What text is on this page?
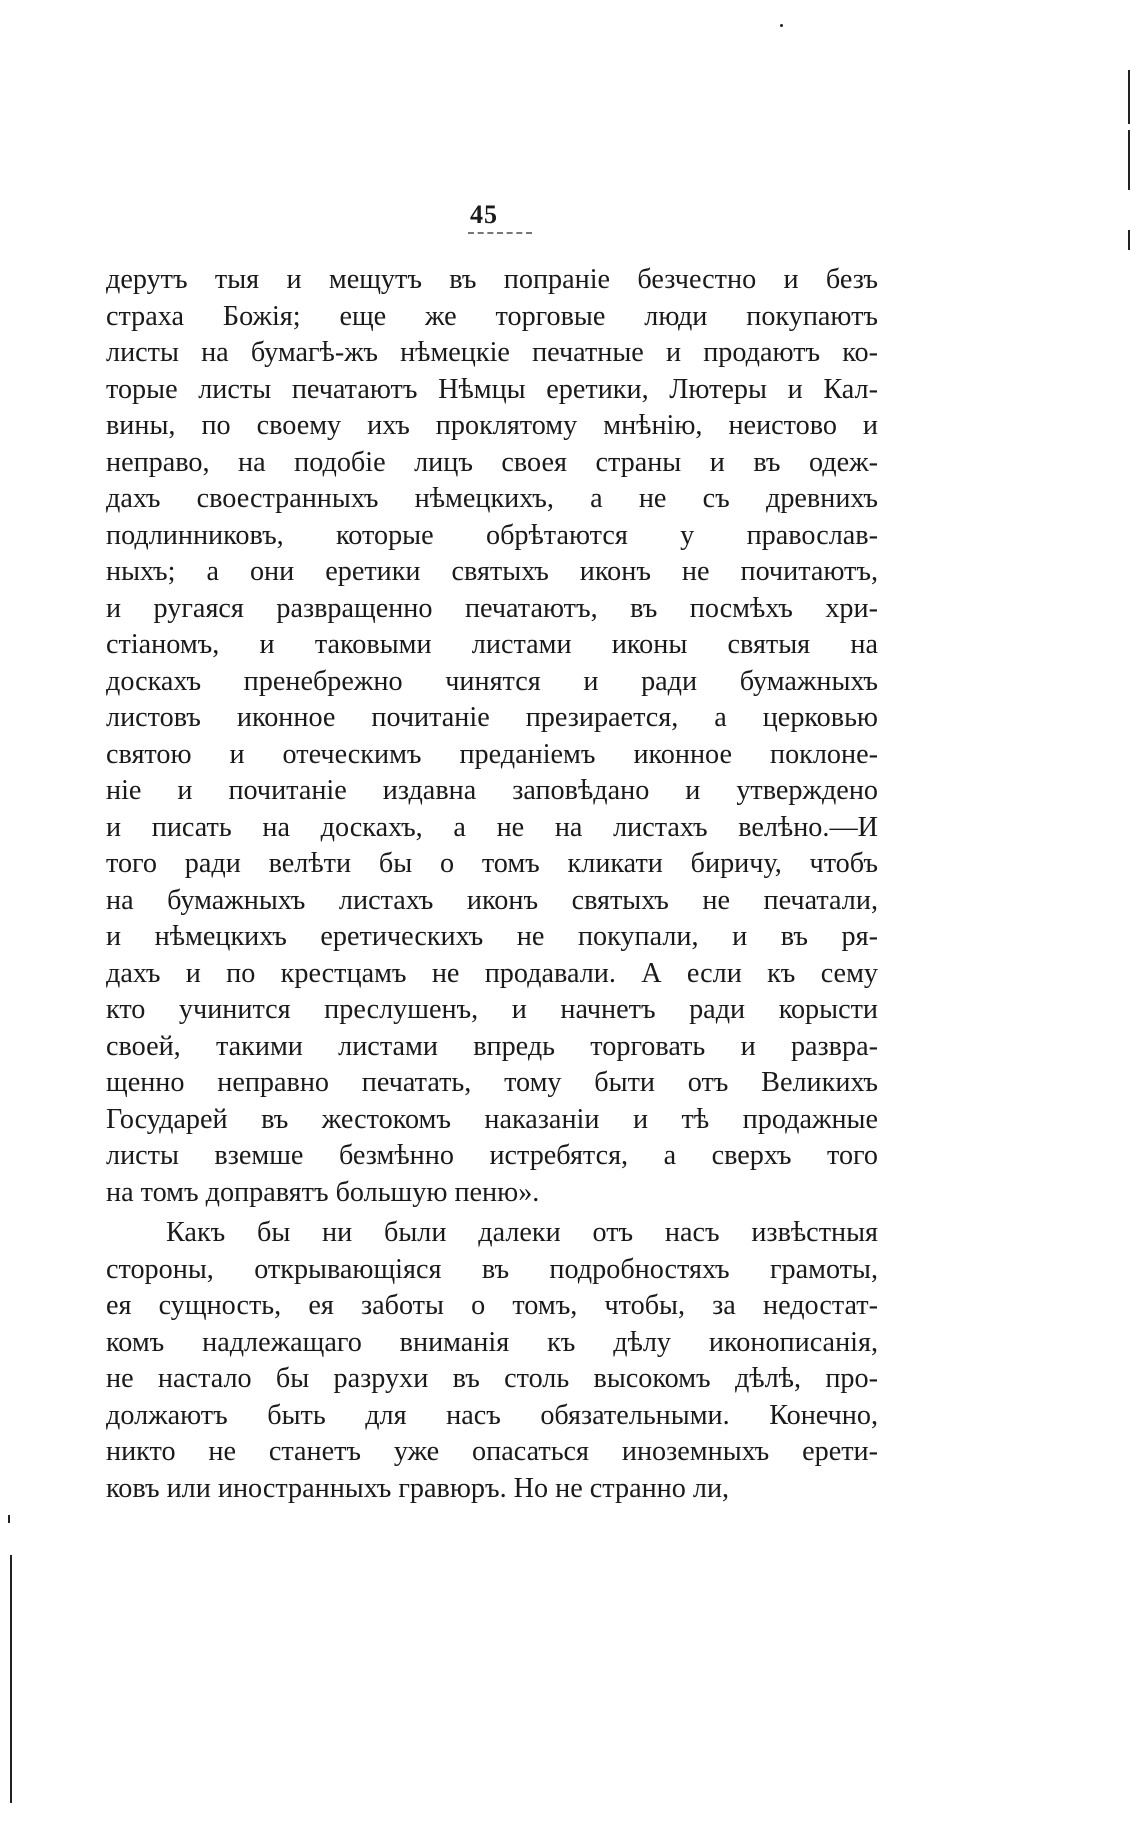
45
дерутъ тыя и мещутъ въ попраніе безчестно и безъ
страха Божія; еще же торговые люди покупаютъ
листы на бумагѣ-жъ нѣмецкіе печатные и продаютъ ко-
торые листы печатаютъ Нѣмцы еретики, Лютеры и Кал-
вины, по своему ихъ проклятому мнѣнію, неистово и
неправо, на подобіе лицъ своея страны и въ одеж-
дахъ своестранныхъ нѣмецкихъ, а не съ древнихъ
подлинниковъ, которые обрѣтаются у православ-
ныхъ; а они еретики святыхъ иконъ не почитаютъ,
и ругаяся развращенно печатаютъ, въ посмѣхъ хри-
стіаномъ, и таковыми листами иконы святыя на
доскахъ пренебрежно чинятся и ради бумажныхъ
листовъ иконное почитаніе презирается, а церковью
святою и отеческимъ преданіемъ иконное поклоне-
ніе и почитаніе издавна заповѣдано и утверждено
и писать на доскахъ, а не на листахъ велѣно.—И
того ради велѣти бы о томъ кликати биричу, чтобъ
на бумажныхъ листахъ иконъ святыхъ не печатали,
и нѣмецкихъ еретическихъ не покупали, и въ ря-
дахъ и по крестцамъ не продавали. А если къ сему
кто учинится преслушенъ, и начнетъ ради корысти
своей, такими листами впредь торговать и развра-
щенно неправно печатать, тому быти отъ Великихъ
Государей въ жестокомъ наказаніи и тѣ продажные
листы вземше безмѣнно истребятся, а сверхъ того
на томъ доправятъ большую пеню».
Какъ бы ни были далеки отъ насъ извѣстныя
стороны, открывающіяся въ подробностяхъ грамоты,
ея сущность, ея заботы о томъ, чтобы, за недостат-
комъ надлежащаго вниманія къ дѣлу иконописанія,
не настало бы разрухи въ столь высокомъ дѣлѣ, про-
должаютъ быть для насъ обязательными. Конечно,
никто не станетъ уже опасаться иноземныхъ ерети-
ковъ или иностранныхъ гравюръ. Но не странно ли,
